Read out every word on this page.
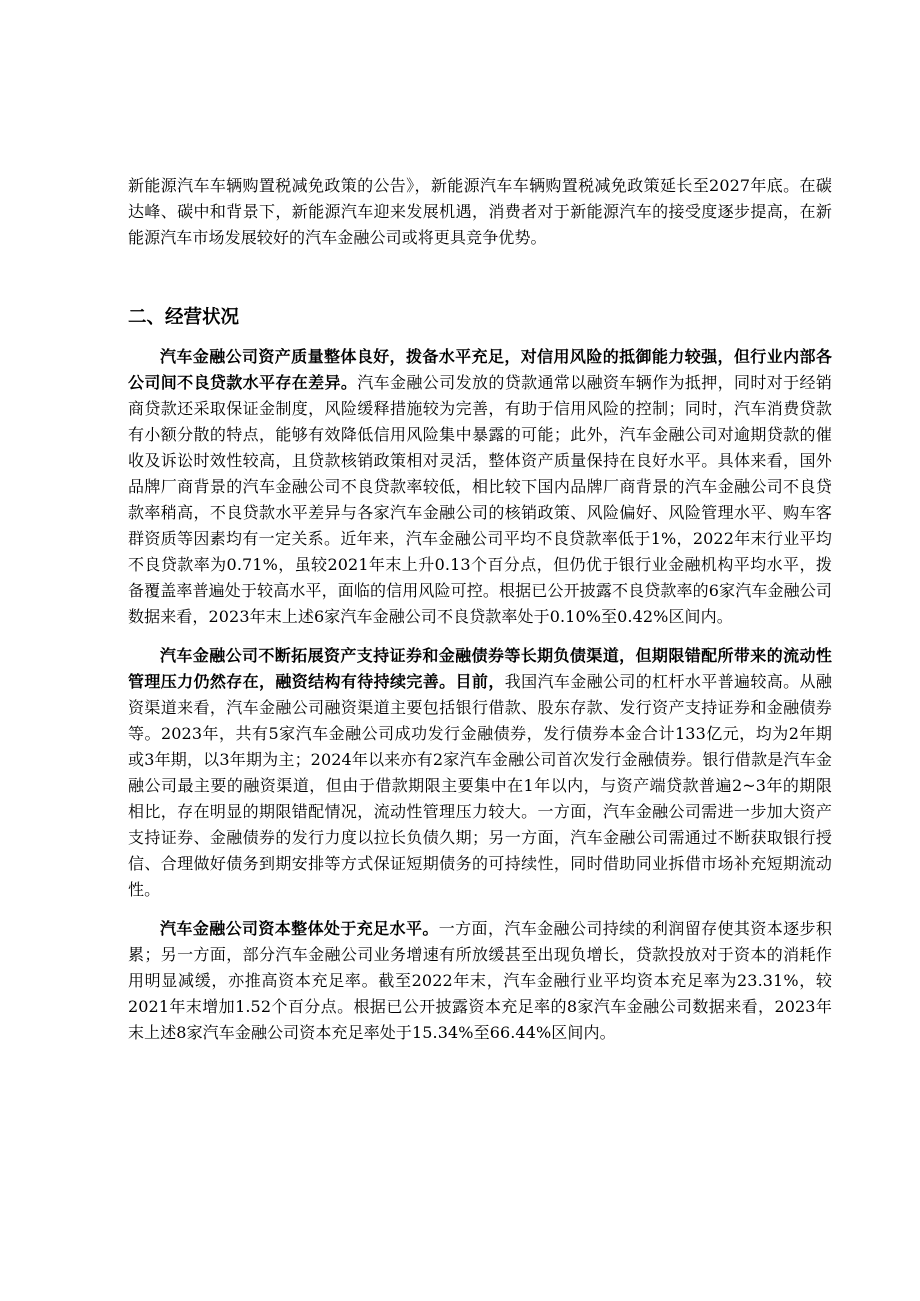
新能源汽车车辆购置税减免政策的公告》，新能源汽车车辆购置税减免政策延长至2027年底。在碳达峰、碳中和背景下，新能源汽车迎来发展机遇，消费者对于新能源汽车的接受度逐步提高，在新能源汽车市场发展较好的汽车金融公司或将更具竞争优势。

二、经营状况

汽车金融公司资产质量整体良好，拨备水平充足，对信用风险的抵御能力较强，但行业内部各公司间不良贷款水平存在差异。汽车金融公司发放的贷款通常以融资车辆作为抵押，同时对于经销商贷款还采取保证金制度，风险缓释措施较为完善，有助于信用风险的控制；同时，汽车消费贷款有小额分散的特点，能够有效降低信用风险集中暴露的可能；此外，汽车金融公司对逾期贷款的催收及诉讼时效性较高，且贷款核销政策相对灵活，整体资产质量保持在良好水平。具体来看，国外品牌厂商背景的汽车金融公司不良贷款率较低，相比较下国内品牌厂商背景的汽车金融公司不良贷款率稍高，不良贷款水平差异与各家汽车金融公司的核销政策、风险偏好、风险管理水平、购车客群资质等因素均有一定关系。近年来，汽车金融公司平均不良贷款率低于1%，2022年末行业平均不良贷款率为0.71%，虽较2021年末上升0.13个百分点，但仍优于银行业金融机构平均水平，拨备覆盖率普遍处于较高水平，面临的信用风险可控。根据已公开披露不良贷款率的6家汽车金融公司数据来看，2023年末上述6家汽车金融公司不良贷款率处于0.10%至0.42%区间内。

汽车金融公司不断拓展资产支持证券和金融债券等长期负债渠道，但期限错配所带来的流动性管理压力仍然存在，融资结构有待持续完善。目前，我国汽车金融公司的杠杆水平普遍较高。从融资渠道来看，汽车金融公司融资渠道主要包括银行借款、股东存款、发行资产支持证券和金融债券等。2023年，共有5家汽车金融公司成功发行金融债券，发行债券本金合计133亿元，均为2年期或3年期，以3年期为主；2024年以来亦有2家汽车金融公司首次发行金融债券。银行借款是汽车金融公司最主要的融资渠道，但由于借款期限主要集中在1年以内，与资产端贷款普遍2~3年的期限相比，存在明显的期限错配情况，流动性管理压力较大。一方面，汽车金融公司需进一步加大资产支持证券、金融债券的发行力度以拉长负债久期；另一方面，汽车金融公司需通过不断获取银行授信、合理做好债务到期安排等方式保证短期债务的可持续性，同时借助同业拆借市场补充短期流动性。

汽车金融公司资本整体处于充足水平。一方面，汽车金融公司持续的利润留存使其资本逐步积累；另一方面，部分汽车金融公司业务增速有所放缓甚至出现负增长，贷款投放对于资本的消耗作用明显减缓，亦推高资本充足率。截至2022年末，汽车金融行业平均资本充足率为23.31%，较2021年末增加1.52个百分点。根据已公开披露资本充足率的8家汽车金融公司数据来看，2023年末上述8家汽车金融公司资本充足率处于15.34%至66.44%区间内。
